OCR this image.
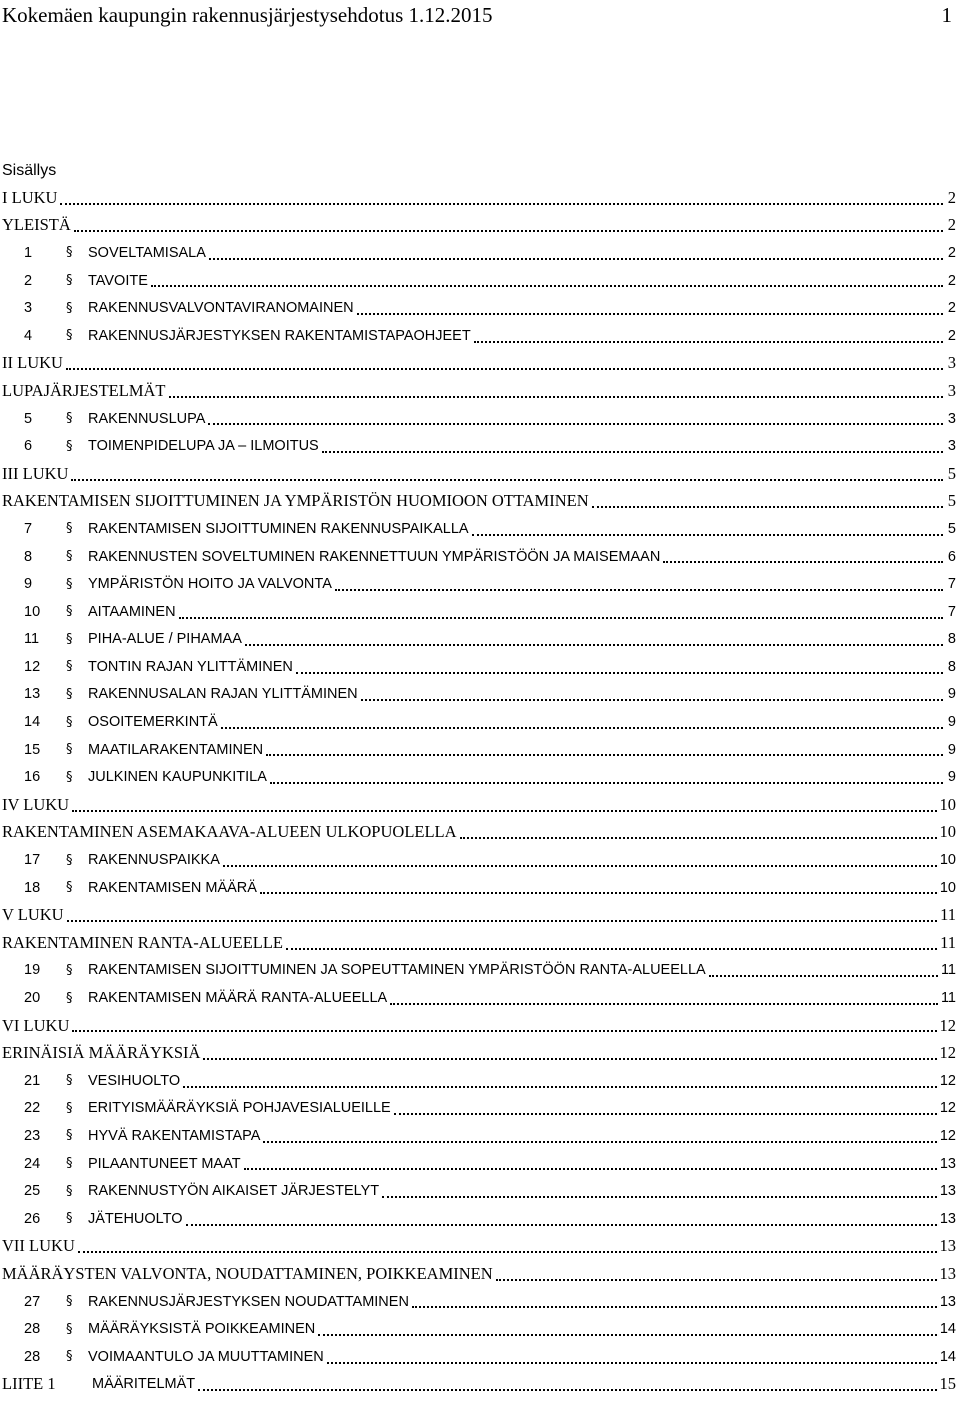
Kokemäen kaupungin rakennusjärjestysehdotus 1.12.2015	1
Sisällys
I LUKU	2
YLEISTÄ	2
1	§	SOVELTAMISALA	2
2	§	TAVOITE	2
3	§	RAKENNUSVALVONTAVIRANOMAINEN	2
4	§	RAKENNUSJÄRJESTYKSEN RAKENTAMISTAPAOHJEET	2
II LUKU	3
LUPAJÄRJESTELMÄT	3
5	§	RAKENNUSLUPA	3
6	§	TOIMENPIDELUPA JA – ILMOITUS	3
III LUKU	5
RAKENTAMISEN SIJOITTUMINEN JA YMPÄRISTÖN HUOMIOON OTTAMINEN	5
7	§	RAKENTAMISEN SIJOITTUMINEN RAKENNUSPAIKALLA	5
8	§	RAKENNUSTEN SOVELTUMINEN RAKENNETTUUN YMPÄRISTÖÖN JA MAISEMAAN	6
9	§	YMPÄRISTÖN HOITO JA VALVONTA	7
10	§	AITAAMINEN	7
11	§	PIHA-ALUE / PIHAMAA	8
12	§	TONTIN RAJAN YLITTÄMINEN	8
13	§	RAKENNUSALAN RAJAN YLITTÄMINEN	9
14	§	OSOITEMERKINTÄ	9
15	§	MAATILARAKENTAMINEN	9
16	§	JULKINEN KAUPUNKITILA	9
IV LUKU	10
RAKENTAMINEN ASEMAKAAVA-ALUEEN ULKOPUOLELLA	10
17	§	RAKENNUSPAIKKA	10
18	§	RAKENTAMISEN MÄÄRÄ	10
V LUKU	11
RAKENTAMINEN RANTA-ALUEELLE	11
19	§	RAKENTAMISEN SIJOITTUMINEN JA SOPEUTTAMINEN YMPÄRISTÖÖN RANTA-ALUEELLA	11
20	§	RAKENTAMISEN MÄÄRÄ RANTA-ALUEELLA	11
VI LUKU	12
ERINÄISIÄ MÄÄRÄYKSIÄ	12
21	§	VESIHUOLTO	12
22	§	ERITYISMÄÄRÄYKSIÄ POHJAVESIALUEILLE	12
23	§	HYVÄ RAKENTAMISTAPA	12
24	§	PILAANTUNEET MAAT	13
25	§	RAKENNUSTYÖN AIKAISET JÄRJESTELYT	13
26	§	JÄTEHUOLTO	13
VII LUKU	13
MÄÄRÄYSTEN VALVONTA, NOUDATTAMINEN, POIKKEAMINEN	13
27	§	RAKENNUSJÄRJESTYKSEN NOUDATTAMINEN	13
28	§	MÄÄRÄYKSISTÄ POIKKEAMINEN	14
28	§	VOIMAANTULO JA MUUTTAMINEN	14
LIITE 1	MÄÄRITELMÄT	15
